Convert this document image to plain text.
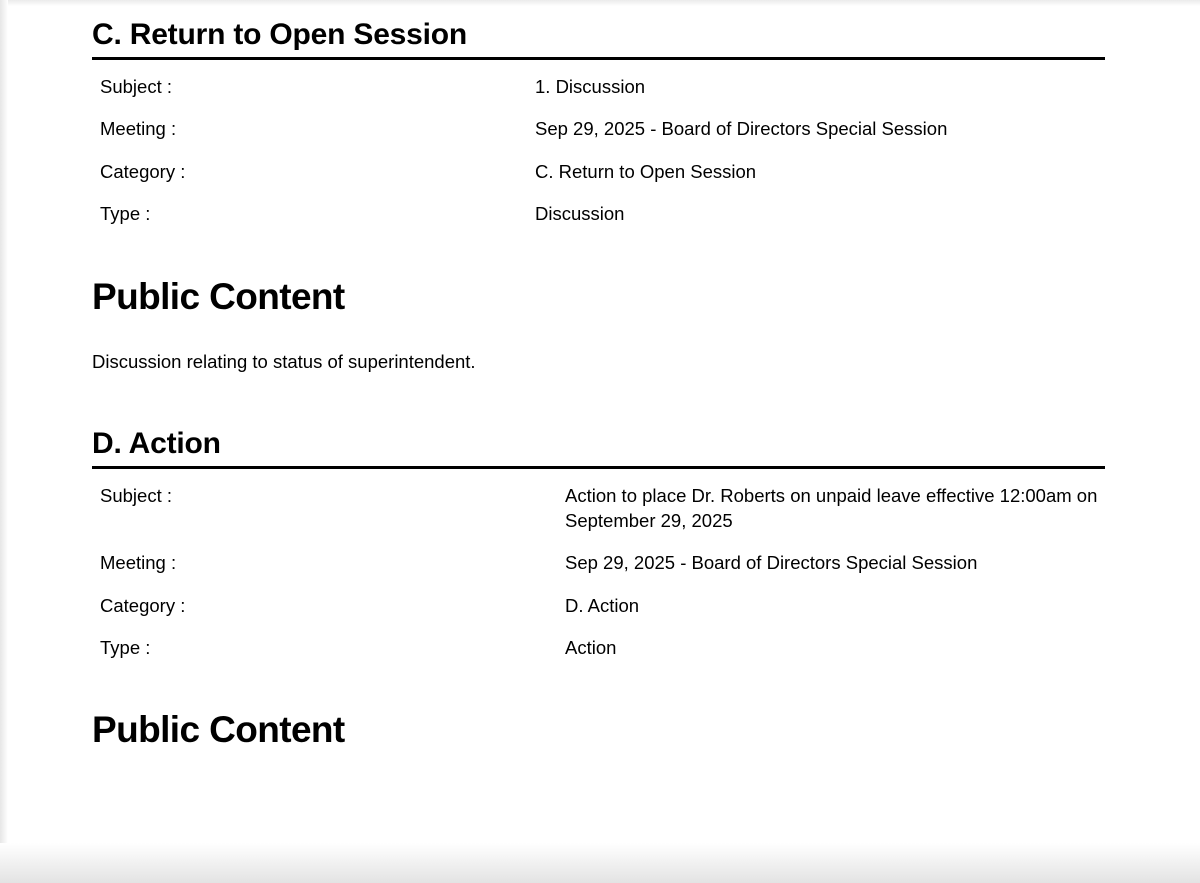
C. Return to Open Session
Subject :	1. Discussion
Meeting :	Sep 29, 2025 - Board of Directors Special Session
Category :	C. Return to Open Session
Type :	Discussion
Public Content

Discussion relating to status of superintendent.

D. Action
Subject :	Action to place Dr. Roberts on unpaid leave effective 12:00am on September 29, 2025
Meeting :	Sep 29, 2025 - Board of Directors Special Session
Category :	D. Action
Type :	Action
Public Content
